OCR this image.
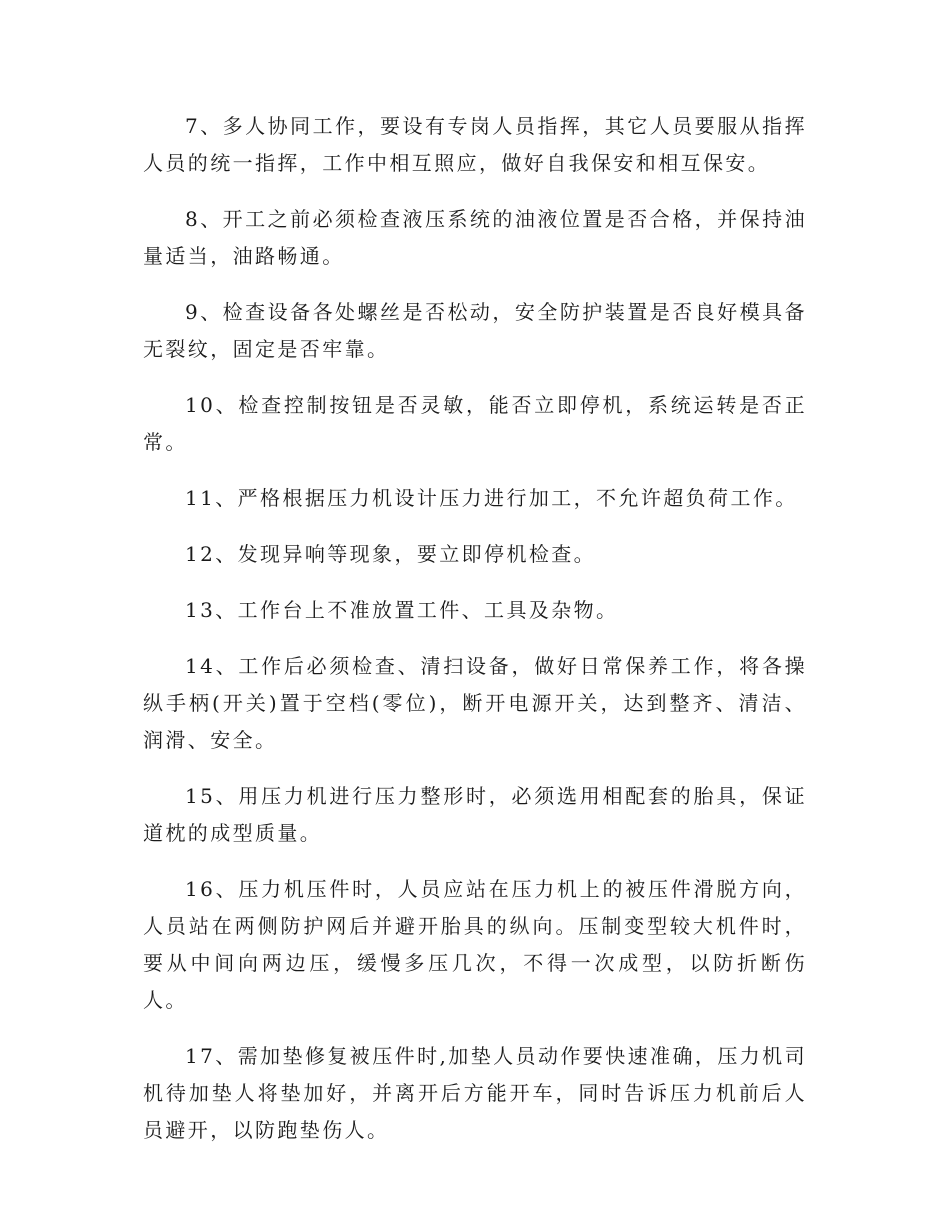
7、多人协同工作，要设有专岗人员指挥，其它人员要服从指挥人员的统一指挥，工作中相互照应，做好自我保安和相互保安。

8、开工之前必须检查液压系统的油液位置是否合格，并保持油量适当，油路畅通。

9、检查设备各处螺丝是否松动，安全防护装置是否良好模具备无裂纹，固定是否牢靠。

10、检查控制按钮是否灵敏，能否立即停机，系统运转是否正常。

11、严格根据压力机设计压力进行加工，不允许超负荷工作。

12、发现异响等现象，要立即停机检查。

13、工作台上不准放置工件、工具及杂物。

14、工作后必须检查、清扫设备，做好日常保养工作，将各操纵手柄(开关)置于空档(零位)，断开电源开关，达到整齐、清洁、润滑、安全。

15、用压力机进行压力整形时，必须选用相配套的胎具，保证道枕的成型质量。

16、压力机压件时，人员应站在压力机上的被压件滑脱方向，人员站在两侧防护网后并避开胎具的纵向。压制变型较大机件时，要从中间向两边压，缓慢多压几次，不得一次成型，以防折断伤人。

17、需加垫修复被压件时,加垫人员动作要快速准确，压力机司机待加垫人将垫加好，并离开后方能开车，同时告诉压力机前后人员避开，以防跑垫伤人。
